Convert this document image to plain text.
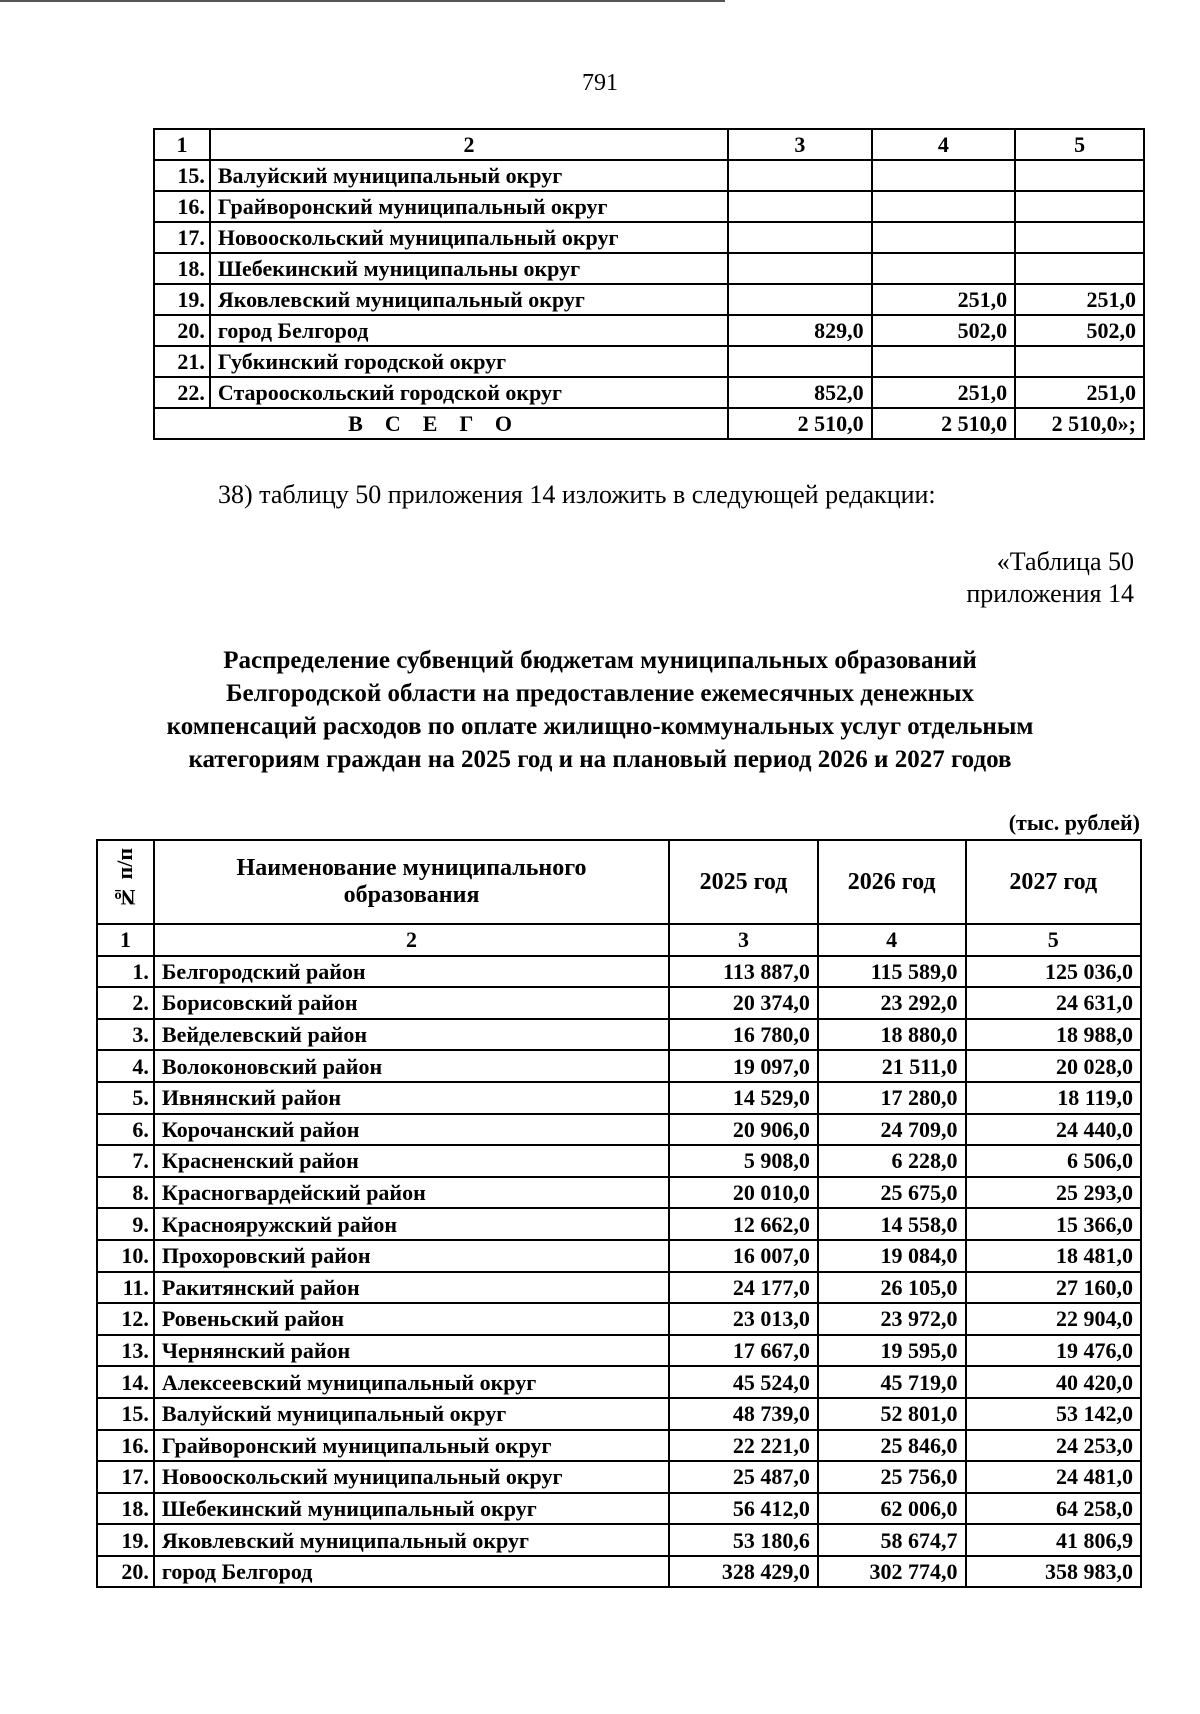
791
1	2	3	4	5
15.	Валуйский муниципальный округ			
16.	Грайворонский муниципальный округ			
17.	Новооскольский муниципальный округ			
18.	Шебекинский муниципальны округ			
19.	Яковлевский муниципальный округ		251,0	251,0
20.	город Белгород	829,0	502,0	502,0
21.	Губкинский городской округ			
22.	Старооскольский городской округ	852,0	251,0	251,0
ВСЕГО		2 510,0	2 510,0	2 510,0»;
38) таблицу 50 приложения 14 изложить в следующей редакции:
«Таблица 50
приложения 14
Распределение субвенций бюджетам муниципальных образований
Белгородской области на предоставление ежемесячных денежных
компенсаций расходов по оплате жилищно-коммунальных услуг отдельным
категориям граждан на 2025 год и на плановый период 2026 и 2027 годов
(тыс. рублей)
№ п/п	Наименование муниципального образования	2025 год	2026 год	2027 год
1	2	3	4	5
1.	Белгородский район	113 887,0	115 589,0	125 036,0
2.	Борисовский район	20 374,0	23 292,0	24 631,0
3.	Вейделевский район	16 780,0	18 880,0	18 988,0
4.	Волоконовский район	19 097,0	21 511,0	20 028,0
5.	Ивнянский район	14 529,0	17 280,0	18 119,0
6.	Корочанский район	20 906,0	24 709,0	24 440,0
7.	Красненский район	5 908,0	6 228,0	6 506,0
8.	Красногвардейский район	20 010,0	25 675,0	25 293,0
9.	Краснояружский район	12 662,0	14 558,0	15 366,0
10.	Прохоровский район	16 007,0	19 084,0	18 481,0
11.	Ракитянский район	24 177,0	26 105,0	27 160,0
12.	Ровеньский район	23 013,0	23 972,0	22 904,0
13.	Чернянский район	17 667,0	19 595,0	19 476,0
14.	Алексеевский муниципальный округ	45 524,0	45 719,0	40 420,0
15.	Валуйский муниципальный округ	48 739,0	52 801,0	53 142,0
16.	Грайворонский муниципальный округ	22 221,0	25 846,0	24 253,0
17.	Новооскольский муниципальный округ	25 487,0	25 756,0	24 481,0
18.	Шебекинский муниципальный округ	56 412,0	62 006,0	64 258,0
19.	Яковлевский муниципальный округ	53 180,6	58 674,7	41 806,9
20.	город Белгород	328 429,0	302 774,0	358 983,0
